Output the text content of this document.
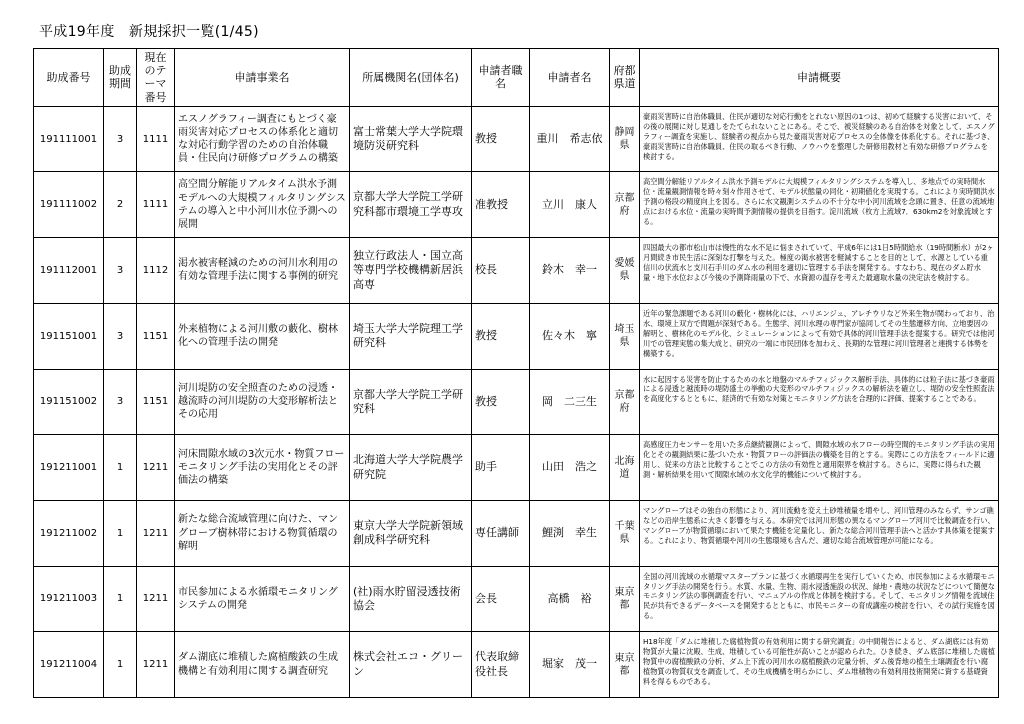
平成19年度　新規採択一覧(1/45)
助成番号	助成期間	現在のテーマ番号	申請事業名	所属機関名(団体名)	申請者職 名	申請者名	府都県道	申請概要
191111001	3	1111	エスノグラフィー調査にもとづく豪雨災害対応プロセスの体系化と適切な対応行動学習のための自治体職員・住民向け研修プログラムの構築	富士常葉大学大学院環境防災研究科	教授	重川　希志依	静岡県	豪雨災害時に自治体職員、住民が適切な対応行動をとれない原因の1つは、初めて経験する災害において、その後の展開に対し見通しをたてられないことにある。そこで、被災経験のある自治体を対象として、エスノグラフィー調査を実施し、経験者の視点から見た豪雨災害対応プロセスの全体像を体系化する。それに基づき、豪雨災害時に自治体職員、住民の取るべき行動、ノウハウを整理した研修用教材と有効な研修プログラムを検討する。
191111002	2	1111	高空間分解能リアルタイム洪水予測モデルへの大規模フィルタリングシステムの導入と中小河川水位予測への展開	京都大学大学院工学研究科都市環境工学専攻	准教授	立川　康人	京都府	高空間分解能リアルタイム洪水予測モデルに大規模フィルタリングシステムを導入し、多地点での実時間水位・流量観測情報を時々刻々作用させて、モデル状態量の同化・初期値化を実現する。これにより実時間洪水予測の格段の精度向上を図る。さらに水文観測システムの不十分な中小河川流域を念頭に置き、任意の流域地点における水位・流量の実時間予測情報の提供を目指す。淀川流域（枚方上流域7．630km2を対象流域とする。
191112001	3	1112	渇水被害軽減のための河川水利用の有効な管理手法に関する事例的研究	独立行政法人・国立高等専門学校機構新居浜高専	校長	鈴木　幸一	愛媛県	四国最大の都市松山市は慢性的な水不足に悩まされていて、平成6年には1日5時間給水（19時間断水）が2ヶ月間続き市民生活に深刻な打撃を与えた。極度の渇水被害を軽減することを目的として、水源としている重信川の伏流水と支川石手川のダム水の利用を適切に管理する手法を開発する。すなわち、現在のダム貯水量・地下水位および今後の予測降雨量の下で、水資源の温存を考えた最適取水量の決定法を検討する。
191151001	3	1151	外来植物による河川敷の藪化、樹林化への管理手法の開発	埼玉大学大学院理工学研究科	教授	佐々木　寧	埼玉県	近年の緊急課題である河川の藪化・樹林化には、ハリエンジュ、アレチウリなど外来生物が関わっており、治水、環境上双方で問題が深刻である。生態学、河川水理の専門家が協同してその生態遷移方向、立地要因の解明と、樹林化のモデル化、シミュレーションによって有効で具体的河川管理手法を提案する。研究では他河川での管理実態の集大成と、研究の一端に市民団体を加わえ、長期的な管理に河川管理者と連携する体勢を構築する。
191151002	3	1151	河川堤防の安全照査のための浸透・越流時の河川堤防の大変形解析法とその応用	京都大学大学院工学研究科	教授	岡　二三生	京都府	水に起因する災害を防止するための水と地盤のマルチフィジックス解析手法、具体的には粒子法に基づき豪雨による浸透と越流時の堤防盛土の挙動の大変形のマルチフィジックスの解析法を確立し、堤防の安全性照査法を高度化するとともに、経済的で有効な対策とモニタリング方法を合理的に評価、提案することである。
191211001	1	1211	河床間隙水域の3次元水・物質フローモニタリング手法の実用化とその評価法の構築	北海道大学大学院農学研究院	助手	山田　浩之	北海道	高感度圧力センサーを用いた多点継続観測によって、間隙水域の水フローの時空間的モニタリング手法の実用化とその観測結果に基づいた水・物質フローの評価法の構築を目的とする。実際にこの方法をフィールドに適用し、従来の方法と比較することでこの方法の有効性と適用限界を検討する。さらに、実際に得られた観測・解析結果を用いて間隙水域の水文化学的機能について検討する。
191211002	1	1211	新たな総合流域管理に向けた、マングローブ樹林帯における物質循環の解明	東京大学大学院新領域創成科学研究科	専任講師	鯉渕　幸生	千葉県	マングローブはその独自の形態により、河川流動を変え土砂堆積量を増やし、河川管理のみならず、サンゴ礁などの沿岸生態系に大きく影響を与える。本研究では河川形態の異なるマングローブ河川で比較調査を行い、マングローブが物質循環において果たす機能を定量化し、新たな総合河川管理手法へと活かす具体策を提案する。これにより、物質循環や河川の生態環境も含んだ、適切な総合流域管理が可能になる。
191211003	1	1211	市民参加による水循環モニタリングシステムの開発	(社)雨水貯留浸透技術協会	会長	高橋　裕	東京都	全国の河川流域の水循環マスタープランに基づく水循環再生を実行していくため、市民参加による水循環モニタリング手法の開発を行う。水質、水量、生物、雨水浸透施設の状況、緑地・農地の状況などについて簡便なモニタリング法の事例調査を行い、マニュアルの作成と体制を検討する。そして、モニタリング情報を流域住民が共有できるデータベースを開発するとともに、市民モニターの育成講座の検討を行い、その試行実施を図る。
191211004	1	1211	ダム湖底に堆積した腐植酸鉄の生成機構と有効利用に関する調査研究	株式会社エコ・グリーン	代表取締役社長	堀家　茂一	東京都	H18年度「ダムに堆積した腐植物質の有効利用に関する研究調査」の中間報告によると、ダム湖底には有効物質が大量に沈殿、生成、堆積している可能性が高いことが認められた。ひき続き、ダム底部に堆積した腐植物質中の腐植酸鉄の分析、ダム上下流の河川水の腐植酸鉄の定量分析、ダム後背地の植生土壌調査を行い腐植物質の物質収支を調査して、その生成機構を明らかにし、ダム堆積物の有効利用技術開発に資する基礎資料を得るものである。
